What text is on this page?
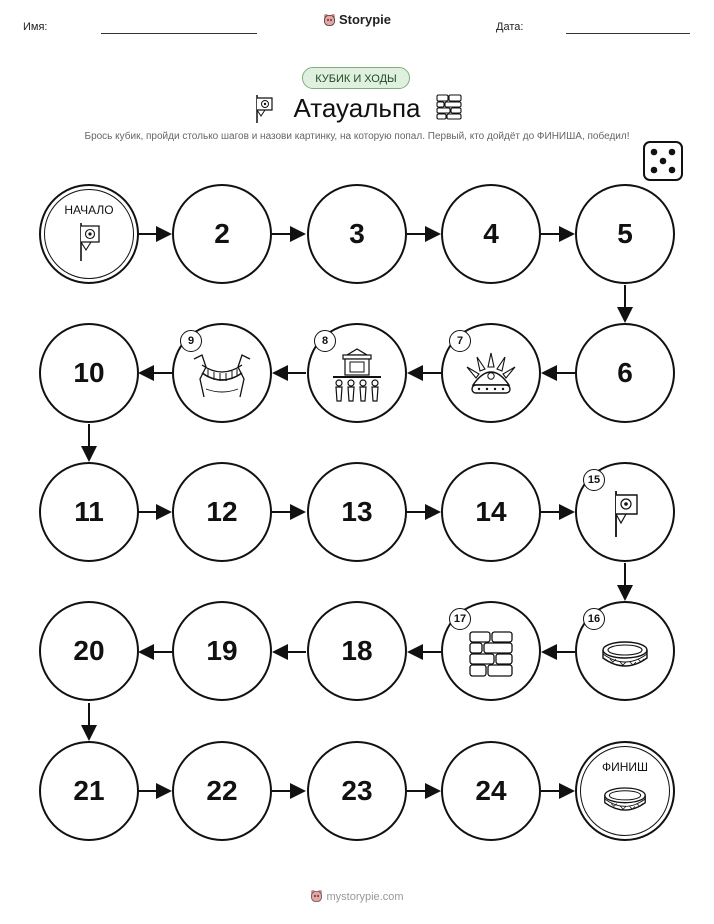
Имя:	Дата:
Storypie
КУБИК И ХОДЫ
Атауальпа
Брось кубик, пройди столько шагов и назови картинку, на которую попал. Первый, кто дойдёт до ФИНИША, победил!
НАЧАЛО
2	3	4	5
10
9	8	7
6
11	12	13	14
15
20	19	18
17	16
21	22	23	24
ФИНИШ
mystorypie.com
